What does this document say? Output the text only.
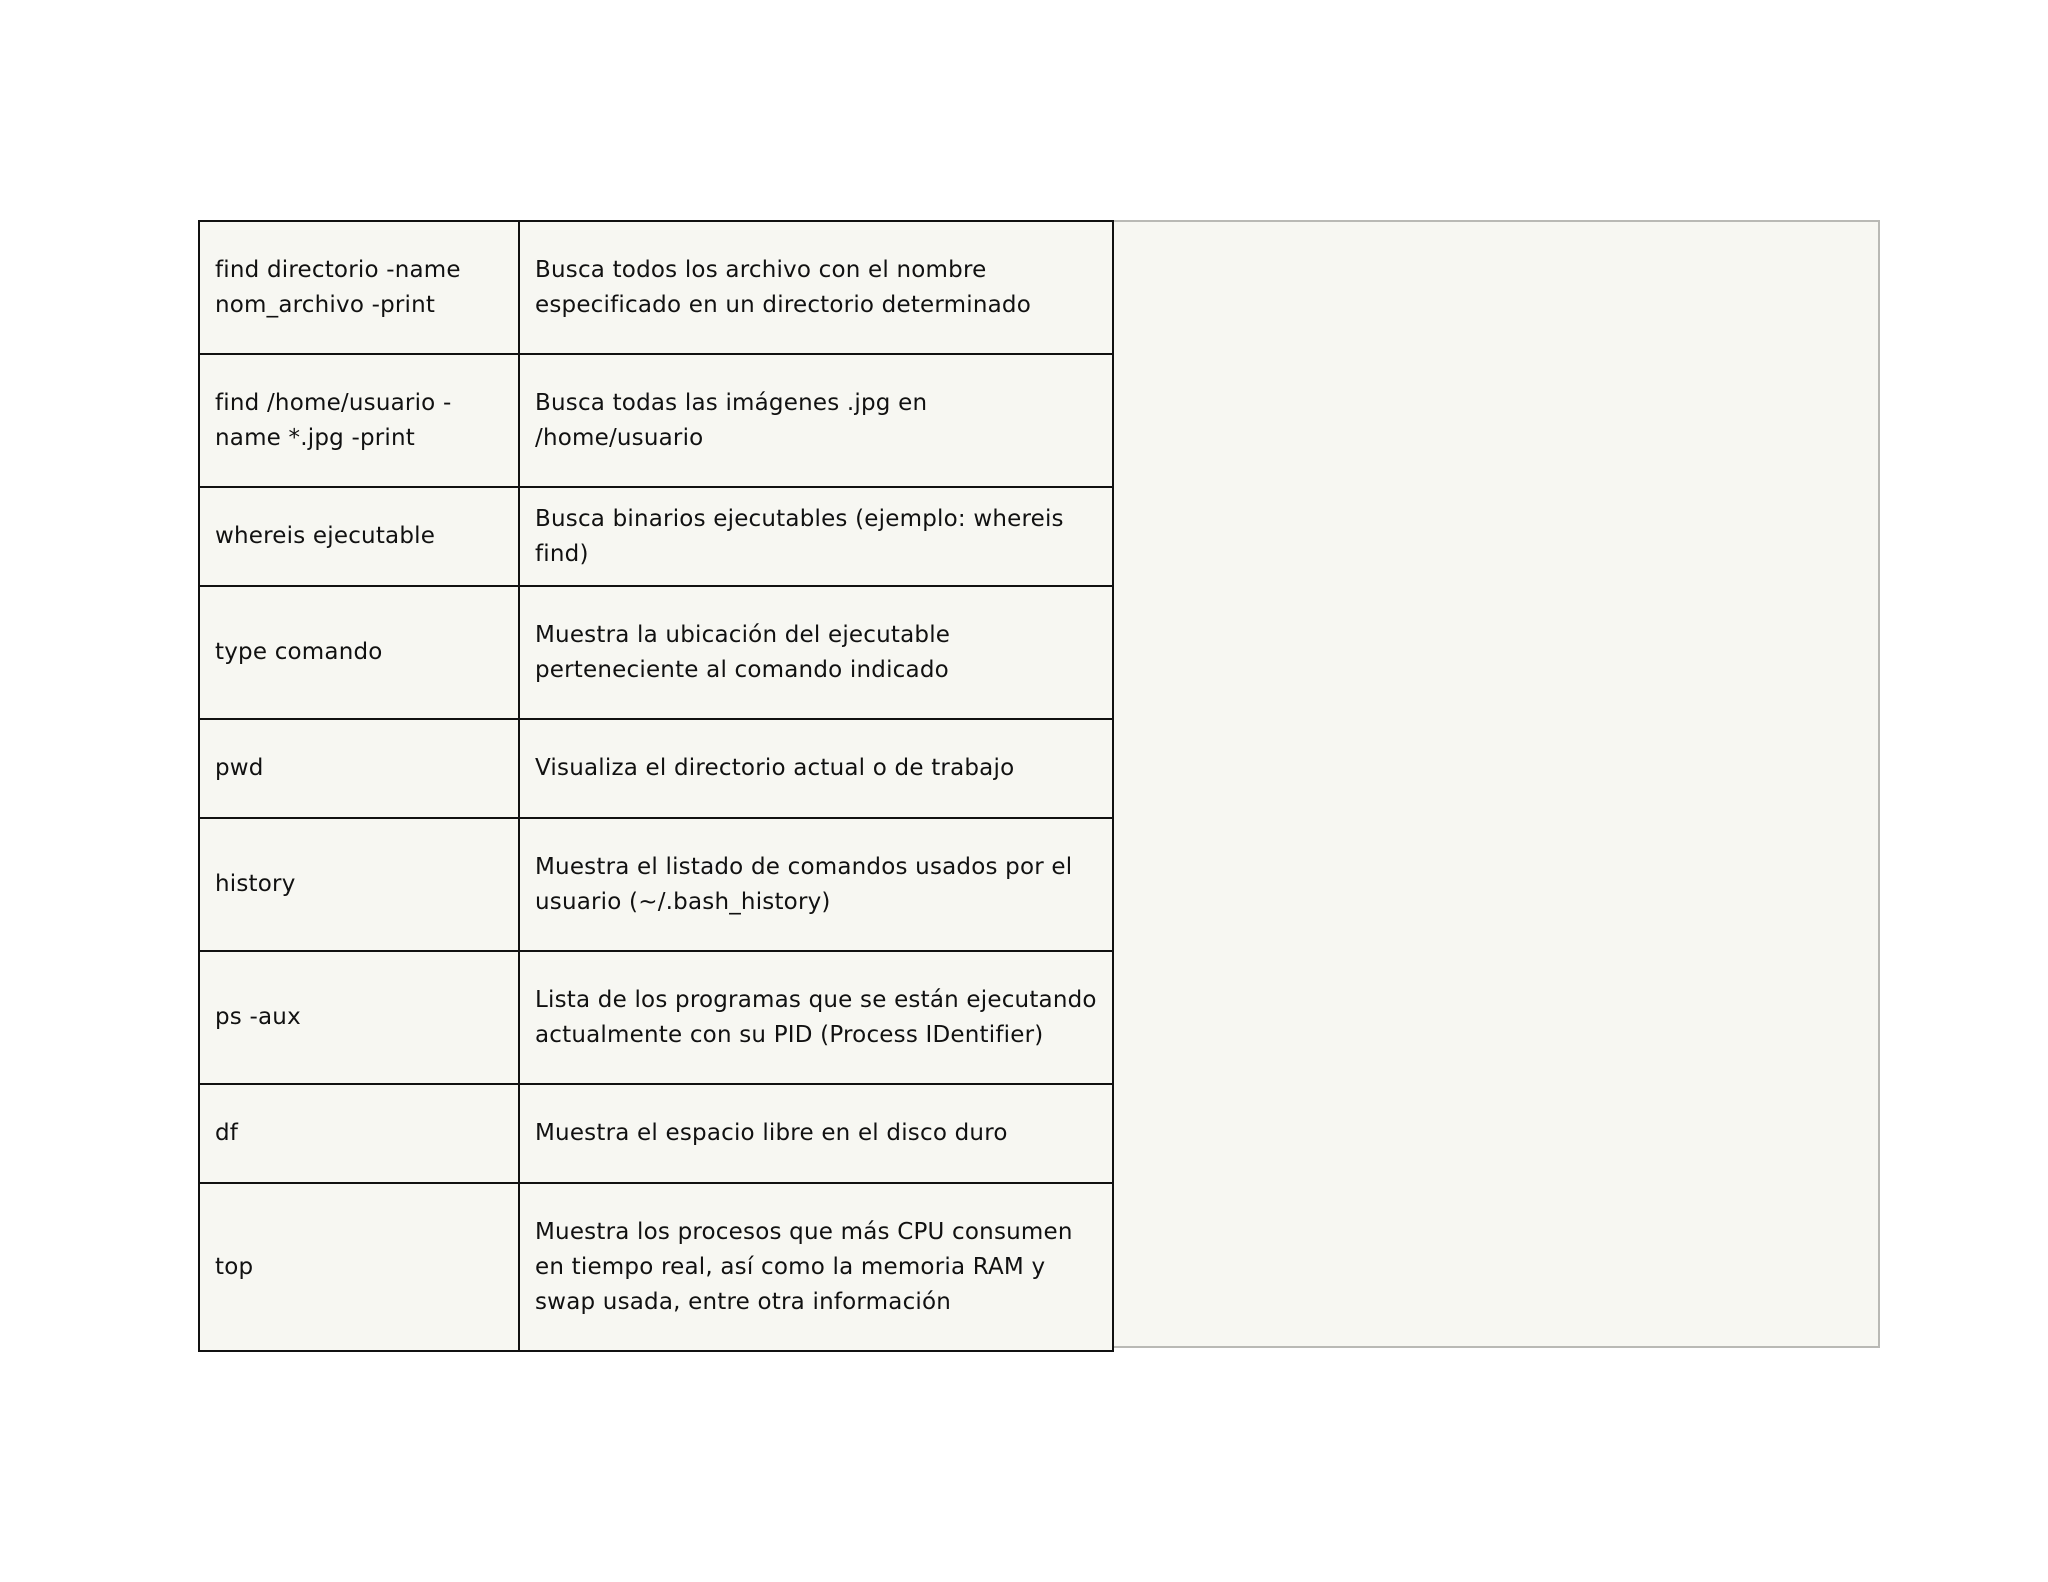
find directorio -name nom_archivo -print	Busca todos los archivo con el nombre especificado en un directorio determinado
find /home/usuario -name *.jpg -print	Busca todas las imágenes .jpg en /home/usuario
whereis ejecutable	Busca binarios ejecutables (ejemplo: whereis find)
type comando	Muestra la ubicación del ejecutable perteneciente al comando indicado
pwd	Visualiza el directorio actual o de trabajo
history	Muestra el listado de comandos usados por el usuario (~/.bash_history)
ps -aux	Lista de los programas que se están ejecutando actualmente con su PID (Process IDentifier)
df	Muestra el espacio libre en el disco duro
top	Muestra los procesos que más CPU consumen en tiempo real, así como la memoria RAM y swap usada, entre otra información
